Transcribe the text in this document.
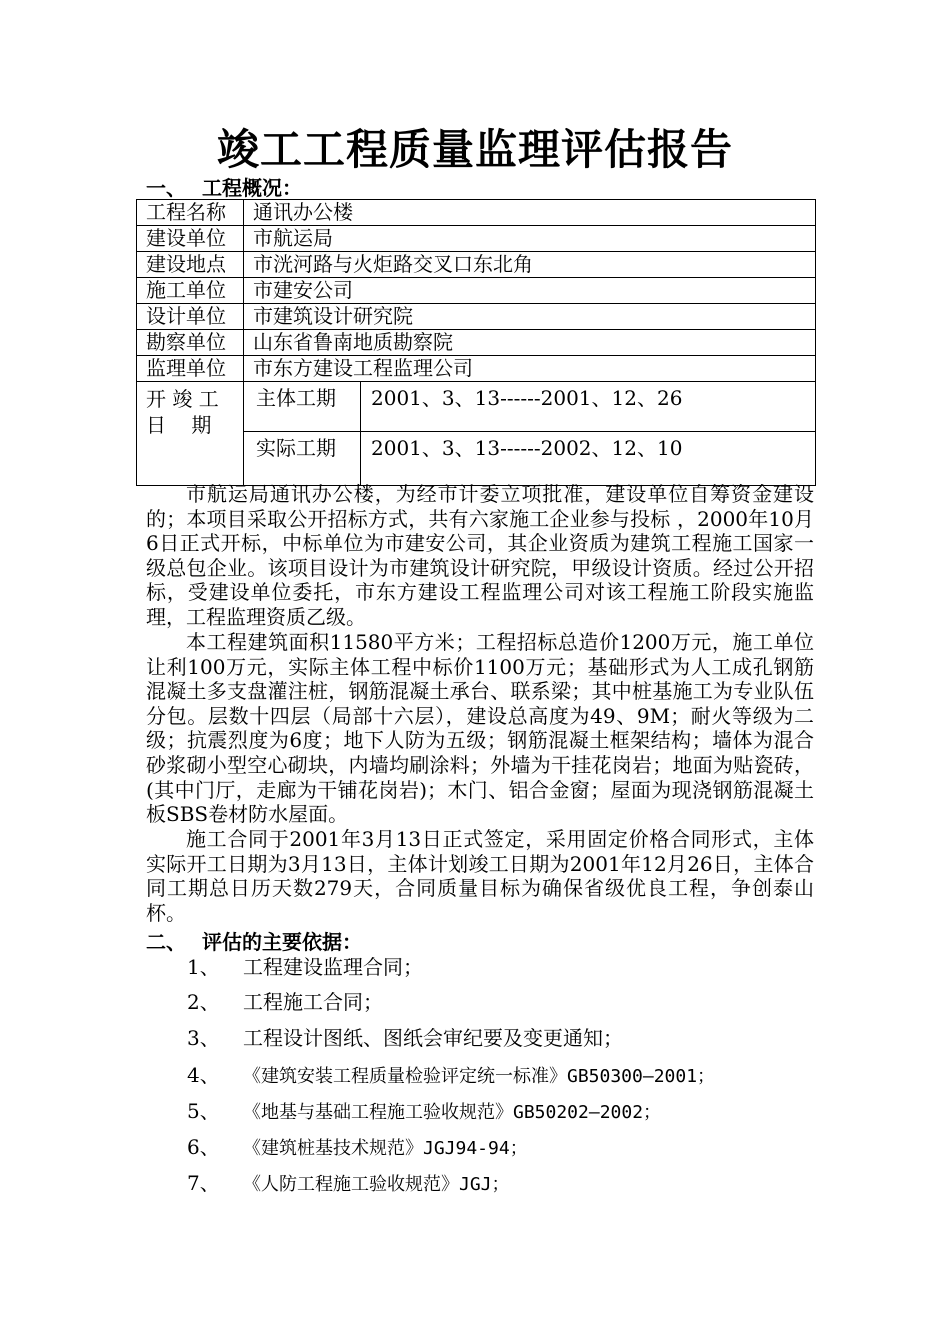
竣工工程质量监理评估报告
一、 工程概况：
工程名称	通讯办公楼	
建设单位	市航运局	
建设地点	市洸河路与火炬路交叉口东北角	
施工单位	市建安公司	
设计单位	市建筑设计研究院	
勘察单位	山东省鲁南地质勘察院	
监理单位	市东方建设工程监理公司	

开 竣 工
日    期	主体工期	2001、3、13------2001、12、26
	实际工期	2001、3、13------2002、12、10
市航运局通讯办公楼，为经市计委立项批准，建设单位自筹资金建设的；本项目采取公开招标方式，共有六家施工企业参与投标 ，2000年10月6日正式开标，中标单位为市建安公司，其企业资质为建筑工程施工国家一级总包企业。该项目设计为市建筑设计研究院，甲级设计资质。经过公开招标，受建设单位委托，市东方建设工程监理公司对该工程施工阶段实施监理，工程监理资质乙级。
本工程建筑面积11580平方米；工程招标总造价1200万元，施工单位让利100万元，实际主体工程中标价1100万元；基础形式为人工成孔钢筋混凝土多支盘灌注桩，钢筋混凝土承台、联系梁；其中桩基施工为专业队伍分包。层数十四层（局部十六层），建设总高度为49、9M；耐火等级为二级；抗震烈度为6度；地下人防为五级；钢筋混凝土框架结构；墙体为混合砂浆砌小型空心砌块，内墙均刷涂料；外墙为干挂花岗岩；地面为贴瓷砖，(其中门厅，走廊为干铺花岗岩)；木门、铝合金窗；屋面为现浇钢筋混凝土板SBS卷材防水屋面。
施工合同于2001年3月13日正式签定，采用固定价格合同形式，主体实际开工日期为3月13日，主体计划竣工日期为2001年12月26日，主体合同工期总日历天数279天，合同质量目标为确保省级优良工程，争创泰山杯。
二、 评估的主要依据：
1、 工程建设监理合同；
2、 工程施工合同；
3、 工程设计图纸、图纸会审纪要及变更通知；
4、 《建筑安装工程质量检验评定统一标准》GB50300—2001；
5、 《地基与基础工程施工验收规范》GB50202—2002；
6、 《建筑桩基技术规范》JGJ94-94；
7、 《人防工程施工验收规范》JGJ；
